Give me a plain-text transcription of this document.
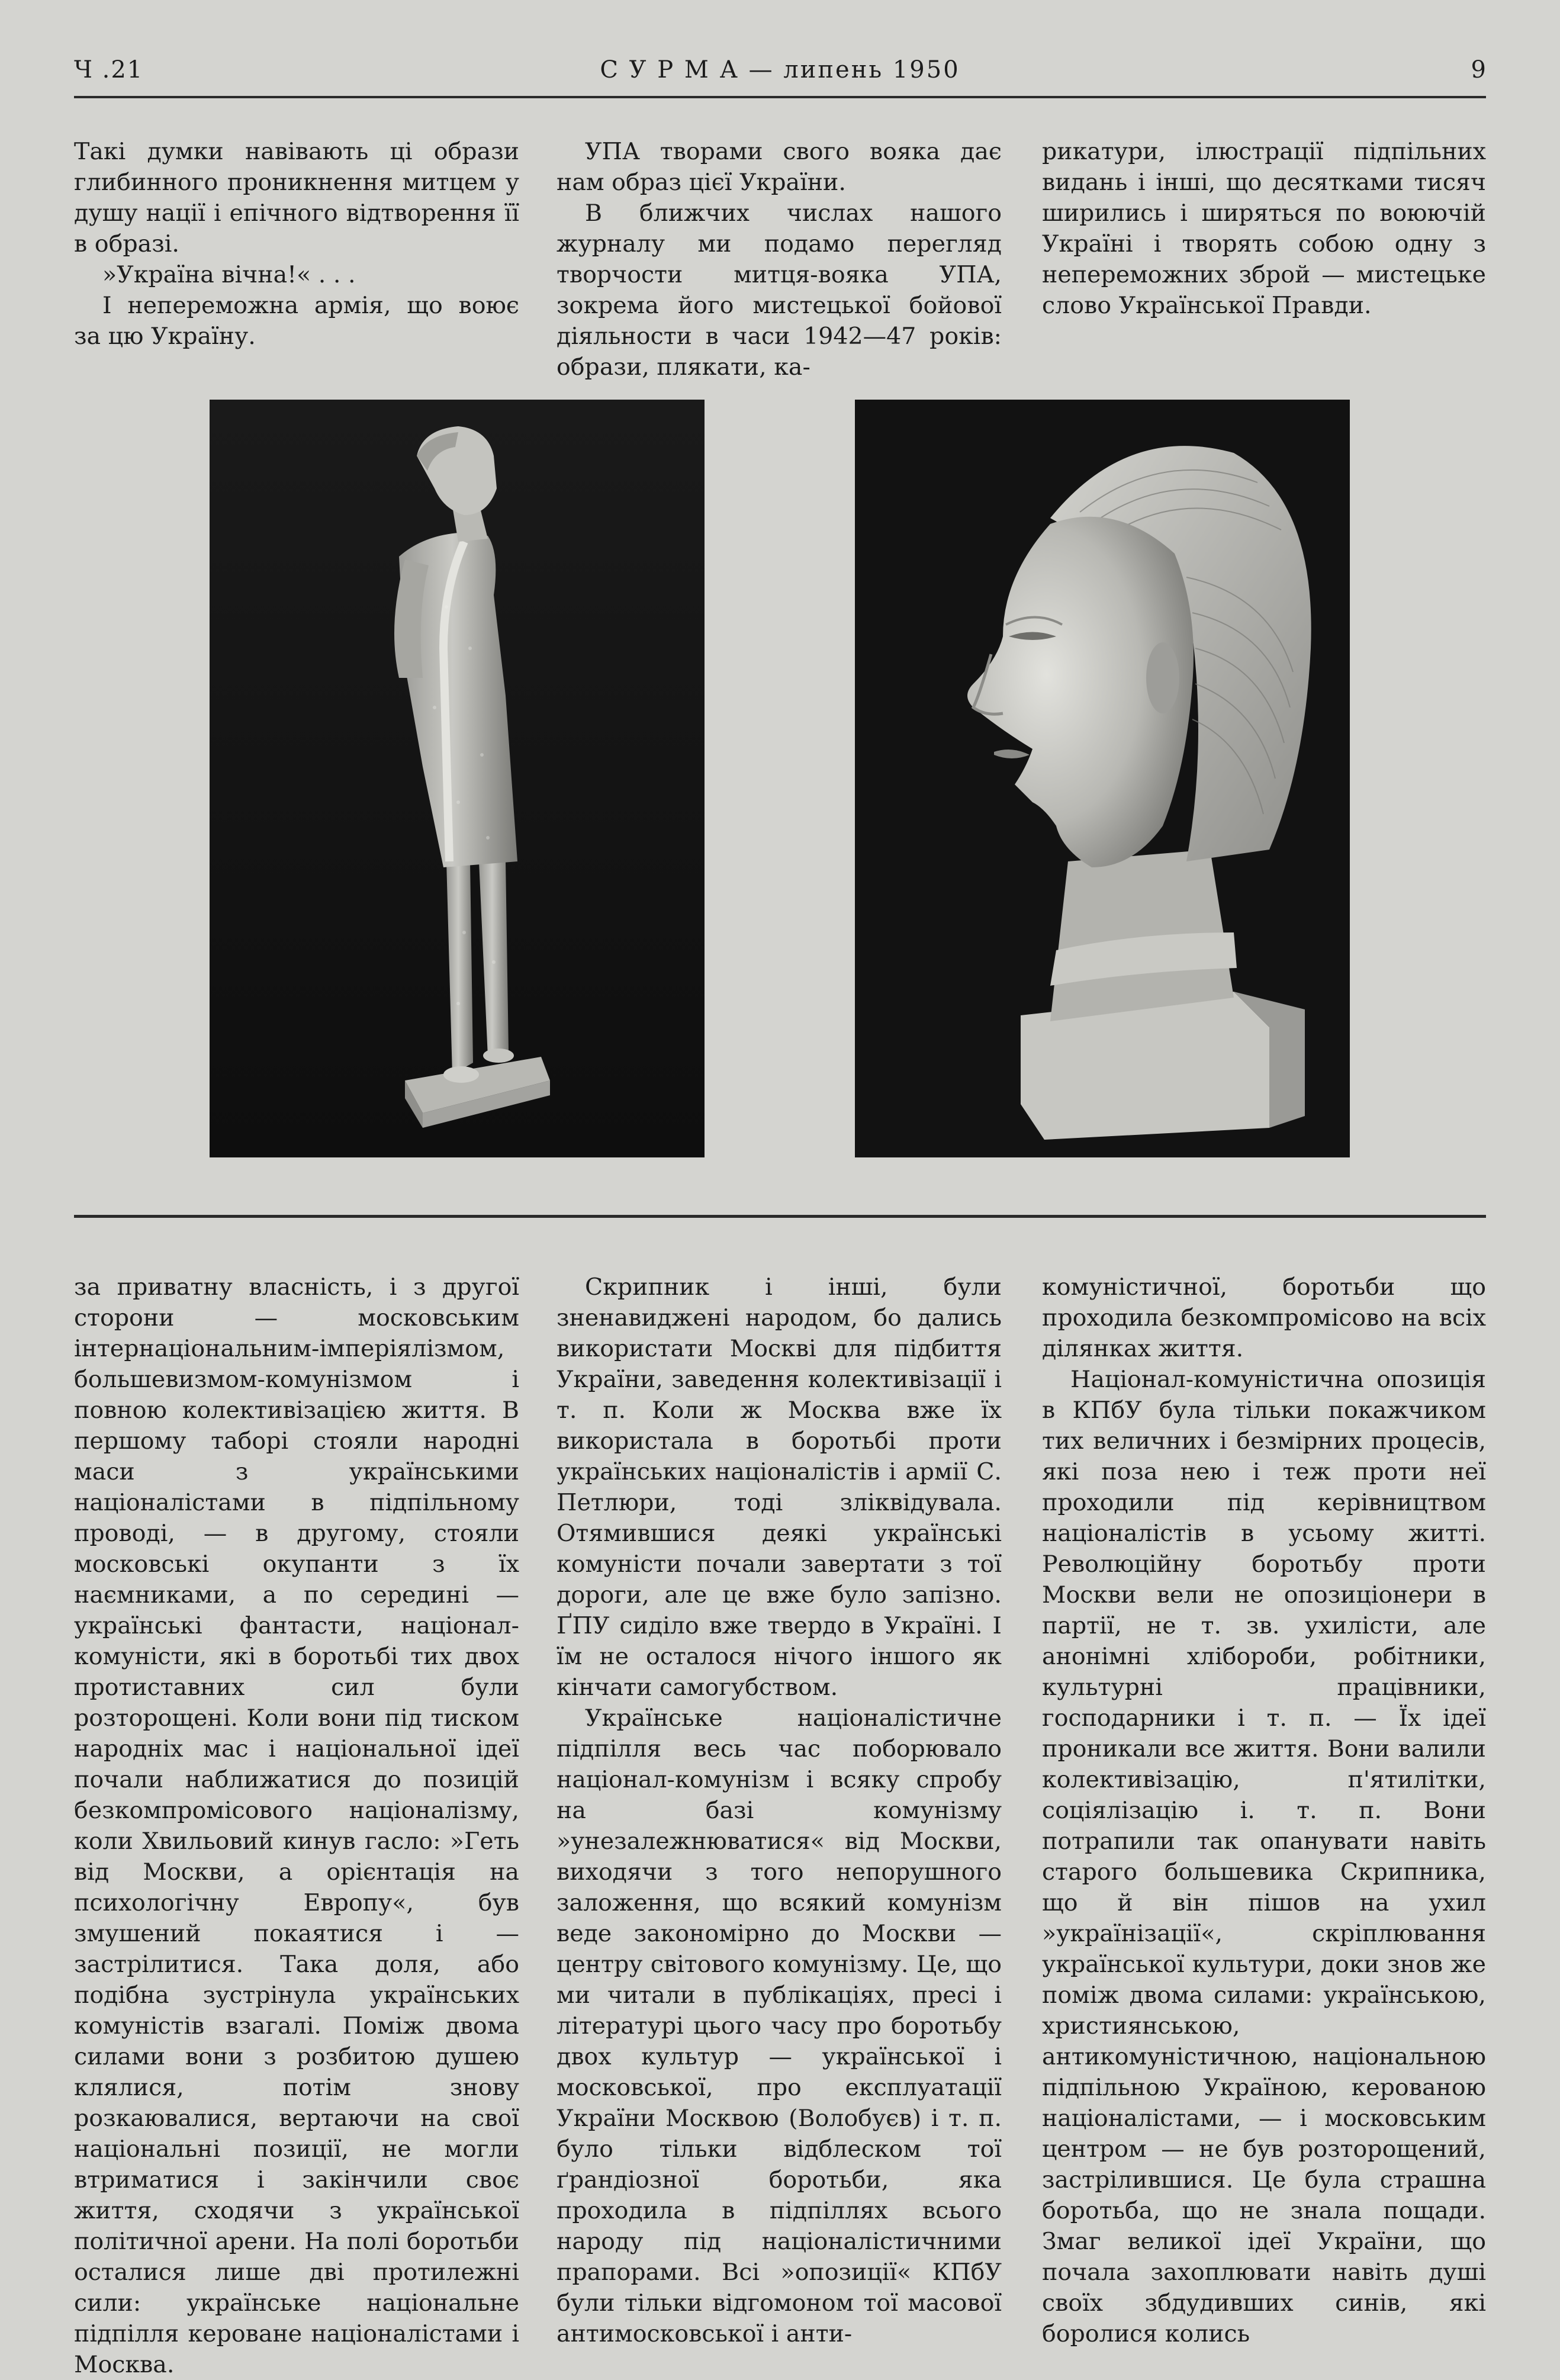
С У Р М А — липень 1950
Ч .21	9

Такі думки навівають ці образи глибинного проникнення митцем у душу нації і епічного відтворення її в образі.

»Україна вічна!« . . .

І непереможна армія, що воює за цю Україну.

УПА творами свого вояка дає нам образ цієї України.

В ближчих числах нашого журналу ми подамо перегляд творчости митця-вояка УПА, зокрема його мистецької бойової діяльности в часи 1942—47 років: образи, плякати, ка-

рикатури, ілюстрації підпільних видань і інші, що десятками тисяч ширились і ширяться по воюючій Україні і творять собою одну з непереможних зброй — мистецьке слово Української Правди.

за приватну власність, і з другої сторони — московським інтернаціональним-імперіялізмом, большевизмом-комунізмом і повною колективізацією життя. В першому таборі стояли народні маси з українськими націоналістами в підпільному проводі, — в другому, стояли московські окупанти з їх наємниками, а по середині — українські фантасти, націонал-комуністи, які в боротьбі тих двох протиставних сил були розторощені. Коли вони під тиском народніх мас і національної ідеї почали наближатися до позицій безкомпромісового націоналізму, коли Хвильовий кинув гасло: »Геть від Москви, а орієнтація на психологічну Европу«, був змушений покаятися і — застрілитися. Така доля, або подібна зустрінула українських комуністів взагалі. Поміж двома силами вони з розбитою душею клялися, потім знову розкаювалися, вертаючи на свої національні позиції, не могли втриматися і закінчили своє життя, сходячи з української політичної арени. На полі боротьби осталися лише дві протилежні сили: українське національне підпілля кероване націоналістами і Москва.

Скрипник і інші, були зненавиджені народом, бо дались використати Москві для підбиття України, заведення колективізації і т. п. Коли ж Москва вже їх використала в боротьбі проти українських націоналістів і армії С. Петлюри, тоді зліквідувала. Отямившися деякі українські комуністи почали завертати з тої дороги, але це вже було запізно. ҐПУ сиділо вже твердо в Україні. І їм не осталося нічого іншого як кінчати самогубством.

Українське націоналістичне підпілля весь час поборювало націонал-комунізм і всяку спробу на базі комунізму »унезалежнюватися« від Москви, виходячи з того непорушного заложення, що всякий комунізм веде закономірно до Москви — центру світового комунізму. Це, що ми читали в публікаціях, пресі і літературі цього часу про боротьбу двох культур — української і московської, про експлуатації України Москвою (Волобуєв) і т. п. було тільки відблеском тої ґрандіозної боротьби, яка проходила в підпіллях всього народу під націоналістичними прапорами. Всі »опозиції« КПбУ були тільки відгомоном тої масової антимосковської і анти-

комуністичної, боротьби що проходила безкомпромісово на всіх ділянках життя.

Націонал-комуністична опозиція в КПбУ була тільки покажчиком тих величних і безмірних процесів, які поза нею і теж проти неї проходили під керівництвом націоналістів в усьому житті. Революційну боротьбу проти Москви вели не опозиціонери в партії, не т. зв. ухилісти, але анонімні хлібороби, робітники, культурні працівники, господарники і т. п. — Їх ідеї проникали все життя. Вони валили колективізацію, п'ятилітки, соціялізацію і. т. п. Вони потрапили так опанувати навіть старого большевика Скрипника, що й він пішов на ухил »українізації«, скріплювання української культури, доки знов же поміж двома силами: українською, християнською, антикомуністичною, національною підпільною Україною, керованою націоналістами, — і московським центром — не був розторощений, застрілившися. Це була страшна боротьба, що не знала пощади. Змаг великої ідеї України, що почала захоплювати навіть душі своїх збдудивших синів, які боролися колись
